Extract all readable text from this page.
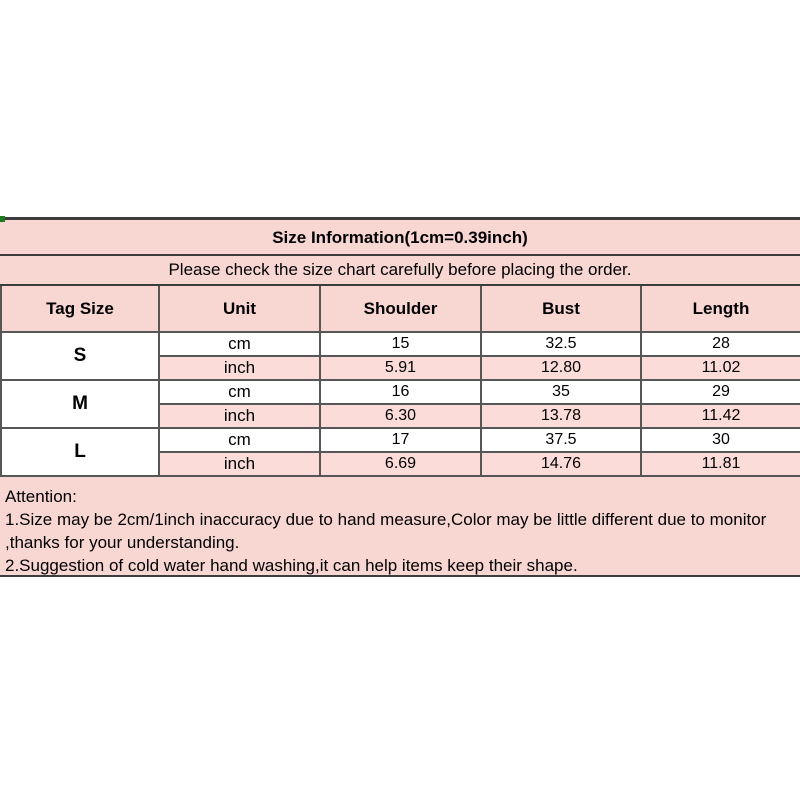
Size Information(1cm=0.39inch)
Please check the size chart carefully before placing the order.
Tag Size	Unit	Shoulder	Bust	Length
S	cm	15	32.5	28
	inch	5.91	12.80	11.02
M	cm	16	35	29
	inch	6.30	13.78	11.42
L	cm	17	37.5	30
	inch	6.69	14.76	11.81
Attention:
1.Size may be 2cm/1inch inaccuracy due to hand measure,Color may be little different due to monitor
,thanks for your understanding.
2.Suggestion of cold water hand washing,it can help items keep their shape.
